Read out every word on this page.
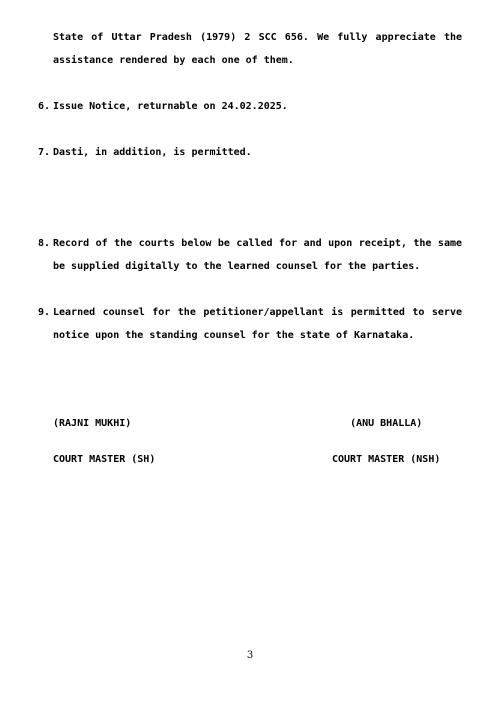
State of Uttar Pradesh (1979) 2 SCC 656. We fully appreciate the assistance rendered by each one of them.

6. Issue Notice, returnable on 24.02.2025.

7. Dasti, in addition, is permitted.

8. Record of the courts below be called for and upon receipt, the same be supplied digitally to the learned counsel for the parties.

9. Learned counsel for the petitioner/appellant is permitted to serve notice upon the standing counsel for the state of Karnataka.

(RAJNI MUKHI)

COURT MASTER (SH)

(ANU BHALLA)

COURT MASTER (NSH)

3
